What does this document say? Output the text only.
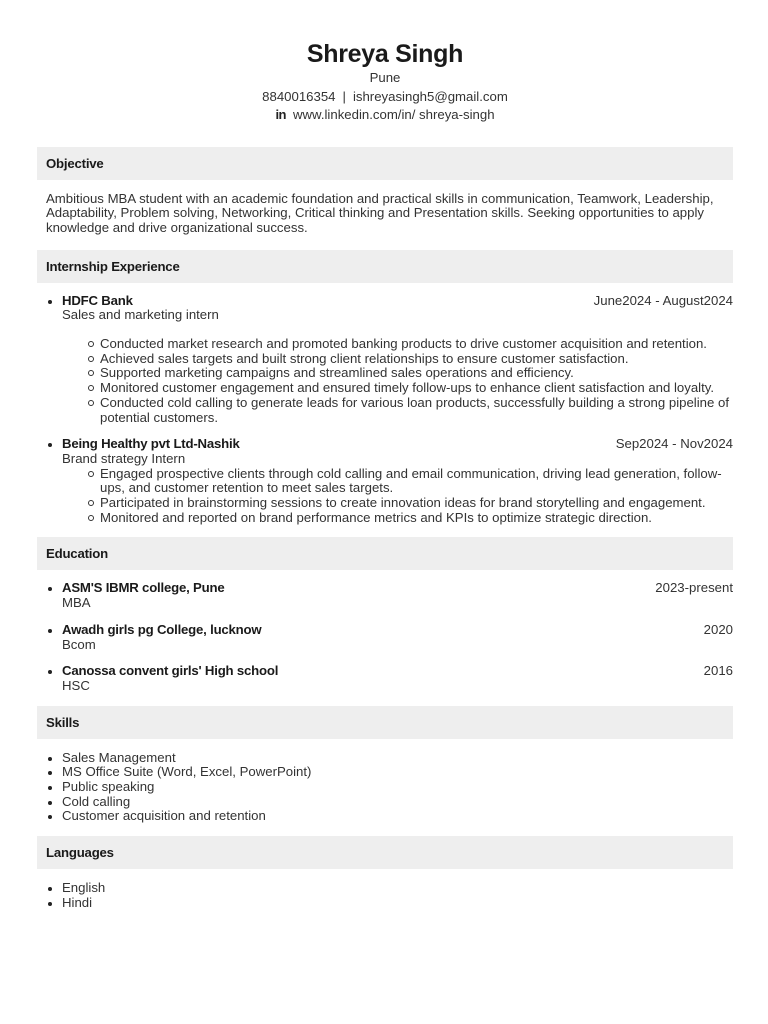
Shreya Singh
Pune
8840016354 | ishreyasingh5@gmail.com
in www.linkedin.com/in/ shreya-singh
Objective
Ambitious MBA student with an academic foundation and practical skills in communication, Teamwork, Leadership, Adaptability, Problem solving, Networking, Critical thinking and Presentation skills. Seeking opportunities to apply knowledge and drive organizational success.
Internship Experience
HDFC Bank	June2024 - August2024
Sales and marketing intern
Conducted market research and promoted banking products to drive customer acquisition and retention.
Achieved sales targets and built strong client relationships to ensure customer satisfaction.
Supported marketing campaigns and streamlined sales operations and efficiency.
Monitored customer engagement and ensured timely follow-ups to enhance client satisfaction and loyalty.
Conducted cold calling to generate leads for various loan products, successfully building a strong pipeline of potential customers.
Being Healthy pvt Ltd-Nashik	Sep2024 - Nov2024
Brand strategy Intern
Engaged prospective clients through cold calling and email communication, driving lead generation, follow-ups, and customer retention to meet sales targets.
Participated in brainstorming sessions to create innovation ideas for brand storytelling and engagement.
Monitored and reported on brand performance metrics and KPIs to optimize strategic direction.
Education
ASM'S IBMR college, Pune	2023-present
MBA
Awadh girls pg College, lucknow	2020
Bcom
Canossa convent girls' High school	2016
HSC
Skills
Sales Management
MS Office Suite (Word, Excel, PowerPoint)
Public speaking
Cold calling
Customer acquisition and retention
Languages
English
Hindi
